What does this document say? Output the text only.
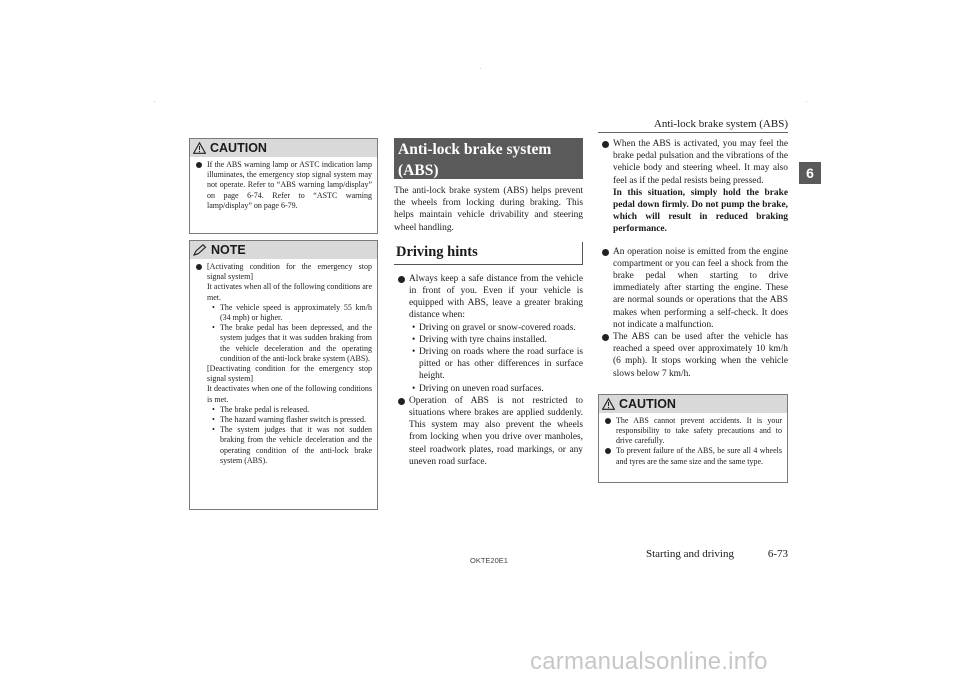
Anti-lock brake system (ABS)
6
CAUTION
If the ABS warning lamp or ASTC indication lamp illuminates, the emergency stop signal system may not operate. Refer to “ABS warning lamp/display” on page 6-74. Refer to “ASTC warning lamp/display” on page 6-79.
NOTE
[Activating condition for the emergency stop signal system]
It activates when all of the following conditions are met.
• The vehicle speed is approximately 55 km/h (34 mph) or higher.
• The brake pedal has been depressed, and the system judges that it was sudden braking from the vehicle deceleration and the operating condition of the anti-lock brake system (ABS).
[Deactivating condition for the emergency stop signal system]
It deactivates when one of the following conditions is met.
• The brake pedal is released.
• The hazard warning flasher switch is pressed.
• The system judges that it was not sudden braking from the vehicle deceleration and the operating condition of the anti-lock brake system (ABS).
Anti-lock brake system (ABS)
The anti-lock brake system (ABS) helps prevent the wheels from locking during braking. This helps maintain vehicle drivability and steering wheel handling.
Driving hints
Always keep a safe distance from the vehicle in front of you. Even if your vehicle is equipped with ABS, leave a greater braking distance when:
• Driving on gravel or snow-covered roads.
• Driving with tyre chains installed.
• Driving on roads where the road surface is pitted or has other differences in surface height.
• Driving on uneven road surfaces.
Operation of ABS is not restricted to situations where brakes are applied suddenly. This system may also prevent the wheels from locking when you drive over manholes, steel roadwork plates, road markings, or any uneven road surface.
When the ABS is activated, you may feel the brake pedal pulsation and the vibrations of the vehicle body and steering wheel. It may also feel as if the pedal resists being pressed.
In this situation, simply hold the brake pedal down firmly. Do not pump the brake, which will result in reduced braking performance.
An operation noise is emitted from the engine compartment or you can feel a shock from the brake pedal when starting to drive immediately after starting the engine. These are normal sounds or operations that the ABS makes when performing a self-check. It does not indicate a malfunction.
The ABS can be used after the vehicle has reached a speed over approximately 10 km/h (6 mph). It stops working when the vehicle slows below 7 km/h.
CAUTION
The ABS cannot prevent accidents. It is your responsibility to take safety precautions and to drive carefully.
To prevent failure of the ABS, be sure all 4 wheels and tyres are the same size and the same type.
OKTE20E1
Starting and driving	6-73
carmanualsonline.info
